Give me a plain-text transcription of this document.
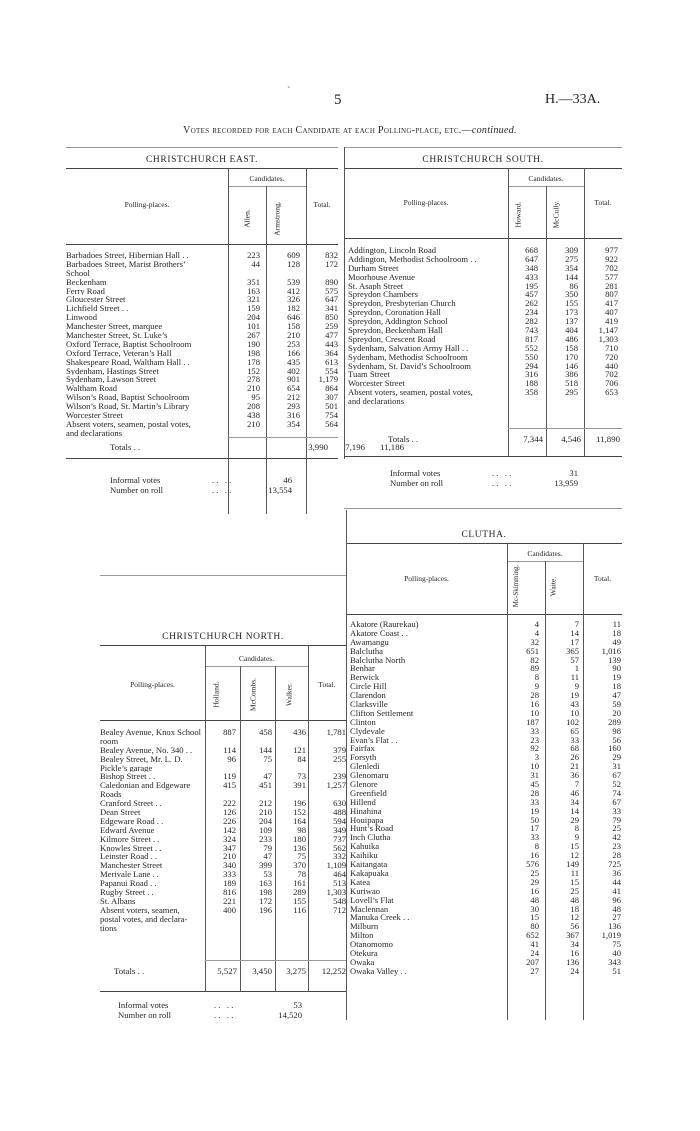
`
5	H.—33A.
Votes recorded for each Candidate at each Polling-place, etc.—continued.
CHRISTCHURCH EAST.
Candidates.
Polling-places.
Allen.	Armstrong.	Total.
Barbadoes Street, Hibernian Hall . .	223	609	832
Barbadoes Street, Marist Brothers’	44	128	172
School
Beckenham	351	539	890
Ferry Road	163	412	575
Gloucester Street	321	326	647
Lichfield Street . .	159	182	341
Linwood	204	646	850
Manchester Street, marquee	101	158	259
Manchester Street, St. Luke’s	267	210	477
Oxford Terrace, Baptist Schoolroom	190	253	443
Oxford Terrace, Veteran’s Hall	198	166	364
Shakespeare Road, Waltham Hall . .	178	435	613
Sydenham, Hastings Street	152	402	554
Sydenham, Lawson Street	278	901	1,179
Waltham Road	210	654	864
Wilson’s Road, Baptist Schoolroom	95	212	307
Wilson’s Road, St. Martin’s Library	208	293	501
Worcester Street	438	316	754
Absent voters, seamen, postal votes,	210	354	564
and declarations
Totals . .	3,990	7,196	11,186
Informal votes	. .   . .	46
Number on roll	. .   . .	13,554
CHRISTCHURCH SOUTH.
Candidates.
Polling-places.	Howard.	McCully.	Total.
Addington, Lincoln Road	668	309	977
Addington, Methodist Schoolroom . .	647	275	922
Durham Street	348	354	702
Moorhouse Avenue	433	144	577
St. Asaph Street	195	86	281
Spreydon Chambers	457	350	807
Spreydon, Presbyterian Church	262	155	417
Spreydon, Coronation Hall	234	173	407
Spreydon, Addington School	282	137	419
Spreydon, Beckenham Hall	743	404	1,147
Spreydon, Crescent Road	817	486	1,303
Sydenham, Salvation Army Hall . .	552	158	710
Sydenham, Methodist Schoolroom	550	170	720
Sydenham, St. David’s Schoolroom	294	146	440
Tuam Street	316	386	702
Worcester Street	188	518	706
Absent voters, seamen, postal votes,	358	295	653
and declarations
Totals . .	7,344	4,546	11,890
Informal votes	. .   . .	31
Number on roll	. .   . .	13,959
CHRISTCHURCH NORTH.
Candidates.
Polling-places.	Holland.	McCombs.	Walker.	Total.
Bealey Avenue, Knox School	887	458	436	1,781
room
Bealey Avenue, No. 340 . .	114	144	121	379
Bealey Street, Mr. L. D.	96	75	84	255
Pickle’s garage
Bishop Street . .	119	47	73	239
Caledonian and Edgeware	415	451	391	1,257
Roads
Cranford Street . .	222	212	196	630
Dean Street	126	210	152	488
Edgeware Road . .	226	204	164	594
Edward Avenue	142	109	98	349
Kilmore Street . .	324	233	180	737
Knowles Street . .	347	79	136	562
Leinster Road . .	210	47	75	332
Manchester Street	340	399	370	1,109
Merivale Lane . .	333	53	78	464
Papanui Road . .	189	163	161	513
Rugby Street . .	816	198	289	1,303
St. Albans	221	172	155	548
Absent voters, seamen,	400	196	116	712
postal votes, and declara-
tions
Totals . .	5,527	3,450	3,275	12,252
Informal votes	. .   . .	53
Number on roll	. .   . .	14,520
CLUTHA.
Candidates.
Polling-places.	Mc-Skimming.	Waite.	Total.
Akatore (Raurekau)	4	7	11
Akatore Coast . .	4	14	18
Awamangu	32	17	49
Balclutha	651	365	1,016
Balclutha North	82	57	139
Benhar	89	1	90
Berwick	8	11	19
Circle Hill	9	9	18
Clarendon	28	19	47
Clarksville	16	43	59
Clifton Settlement	10	10	20
Clinton	187	102	289
Clydevale	33	65	98
Evan’s Flat . .	23	33	56
Fairfax	92	68	160
Forsyth	3	26	29
Glenledi	10	21	31
Glenomaru	31	36	67
Glenore	45	7	52
Greenfield	28	46	74
Hillend	33	34	67
Hinahina	19	14	33
Houipapa	50	29	79
Hunt’s Road	17	8	25
Inch Clutha	33	9	42
Kahuika	8	15	23
Kaihiku	16	12	28
Kaitangata	576	149	725
Kakapuaka	25	11	36
Katea	29	15	44
Kuriwao	16	25	41
Lovell’s Flat	48	48	96
Maclennan	30	18	48
Manuka Creek . .	15	12	27
Milburn	80	56	136
Milton	652	367	1,019
Otanomomo	41	34	75
Otekura	24	16	40
Owaka	207	136	343
Owaka Valley . .	27	24	51
